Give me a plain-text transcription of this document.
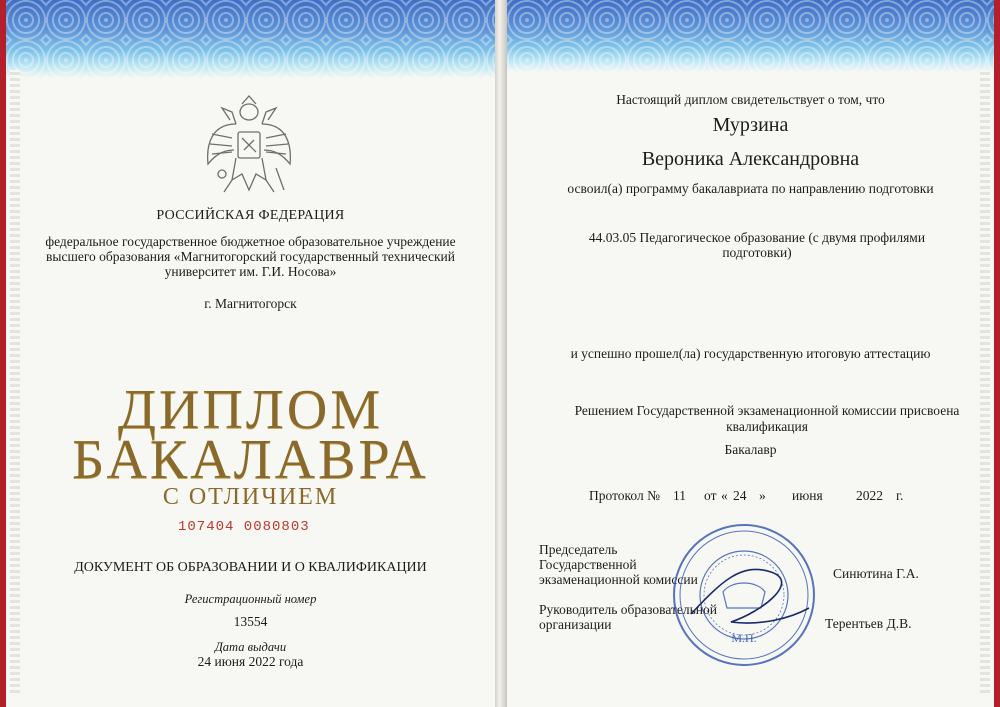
РОССИЙСКАЯ ФЕДЕРАЦИЯ
федеральное государственное бюджетное образовательное учреждение
высшего образования «Магнитогорский государственный технический
университет им. Г.И. Носова»
г. Магнитогорск
ДИПЛОМ
БАКАЛАВРА
С ОТЛИЧИЕМ
107404 0080803
ДОКУМЕНТ ОБ ОБРАЗОВАНИИ И О КВАЛИФИКАЦИИ
Регистрационный номер
13554
Дата выдачи
24 июня 2022 года
Настоящий диплом свидетельствует о том, что
Мурзина
Вероника Александровна
освоил(а) программу бакалавриата по направлению подготовки
44.03.05 Педагогическое образование (с двумя профилями подготовки)
и успешно прошел(ла) государственную итоговую аттестацию
Решением Государственной экзаменационной комиссии присвоена квалификация
Бакалавр
Протокол № 11 от « 24 » июня 2022 г.
Председатель Государственной экзаменационной комиссии	Синютина Г.А.
Руководитель образовательной организации	Терентьев Д.В.
М.П.
